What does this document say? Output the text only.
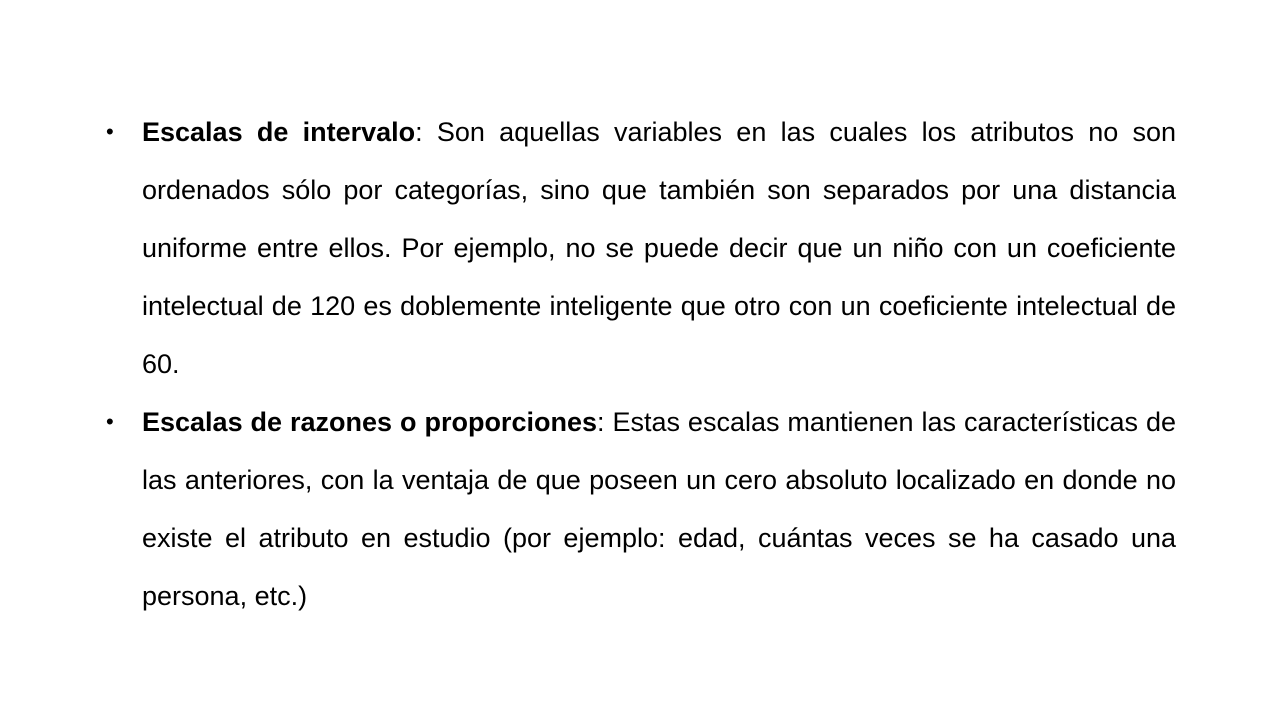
• Escalas de intervalo: Son aquellas variables en las cuales los atributos no son ordenados sólo por categorías, sino que también son separados por una distancia uniforme entre ellos. Por ejemplo, no se puede decir que un niño con un coeficiente intelectual de 120 es doblemente inteligente que otro con un coeficiente intelectual de 60.
• Escalas de razones o proporciones: Estas escalas mantienen las características de las anteriores, con la ventaja de que poseen un cero absoluto localizado en donde no existe el atributo en estudio (por ejemplo: edad, cuántas veces se ha casado una persona, etc.)
